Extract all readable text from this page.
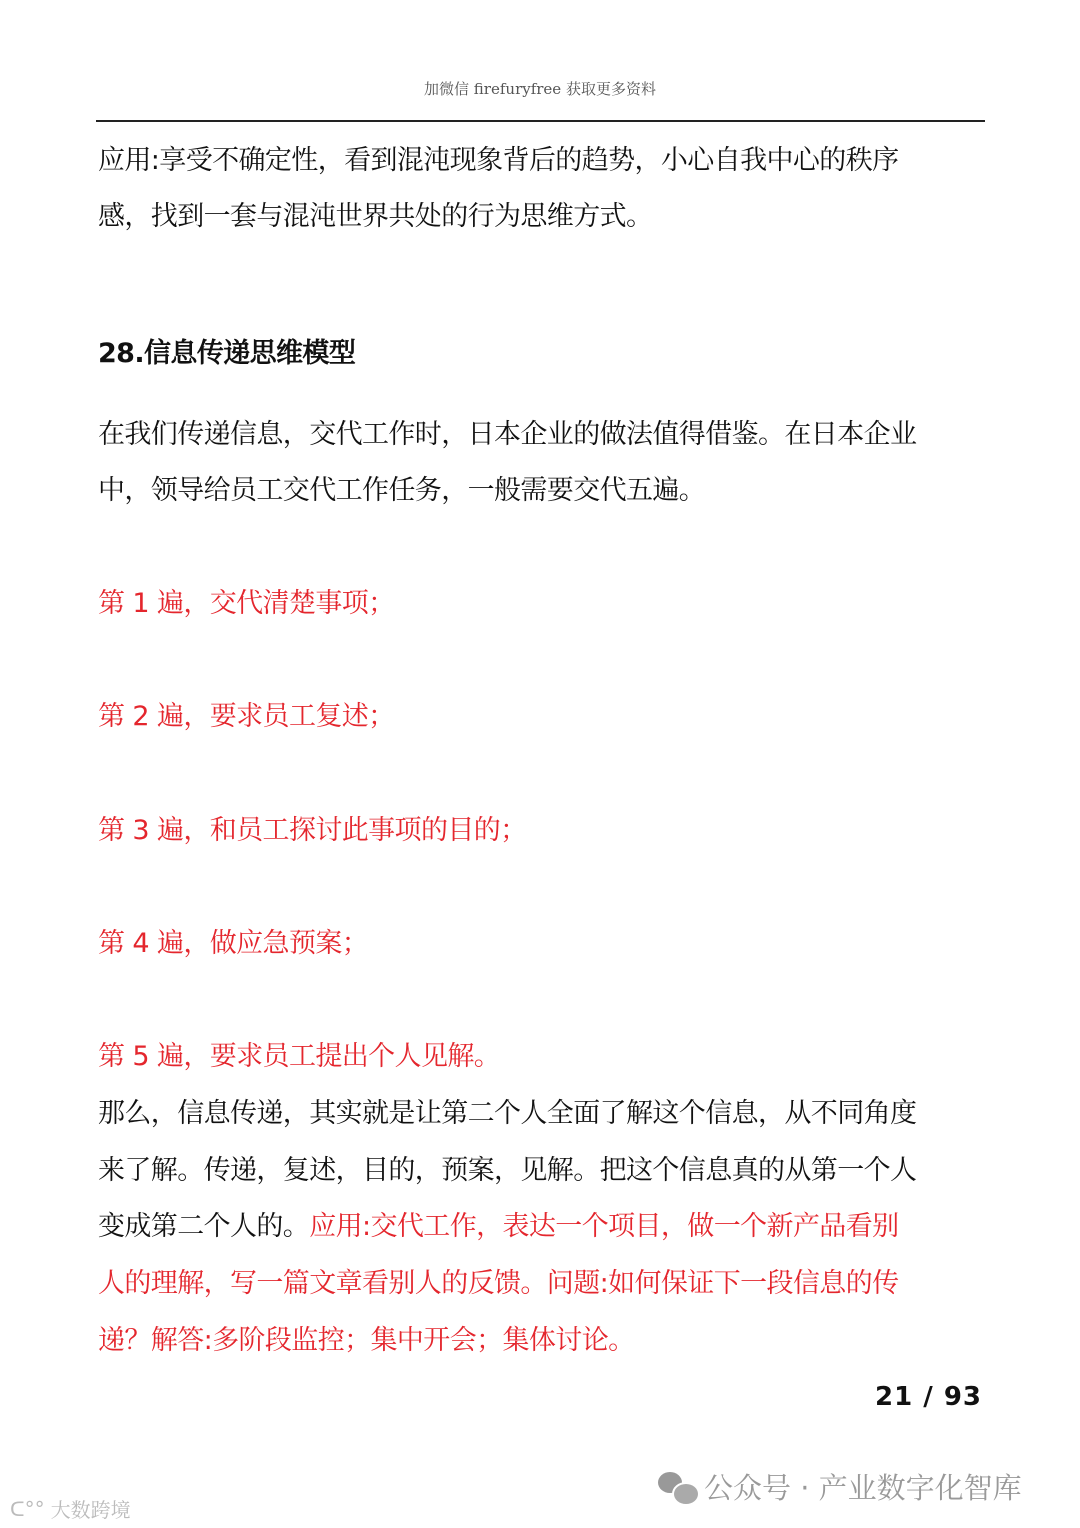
加微信 firefuryfree 获取更多资料
应用:享受不确定性，看到混沌现象背后的趋势，小心自我中心的秩序
感，找到一套与混沌世界共处的行为思维方式。
28.信息传递思维模型
在我们传递信息，交代工作时，日本企业的做法值得借鉴。在日本企业
中，领导给员工交代工作任务，一般需要交代五遍。
第 1 遍，交代清楚事项；
第 2 遍，要求员工复述；
第 3 遍，和员工探讨此事项的目的；
第 4 遍，做应急预案；
第 5 遍，要求员工提出个人见解。
那么，信息传递，其实就是让第二个人全面了解这个信息，从不同角度
来了解。传递，复述，目的，预案，见解。把这个信息真的从第一个人
变成第二个人的。应用:交代工作，表达一个项目，做一个新产品看别
人的理解，写一篇文章看别人的反馈。问题:如何保证下一段信息的传
递？解答:多阶段监控；集中开会；集体讨论。
21 / 93
公众号 · 产业数字化智库
ᑕ°° 大数跨境
